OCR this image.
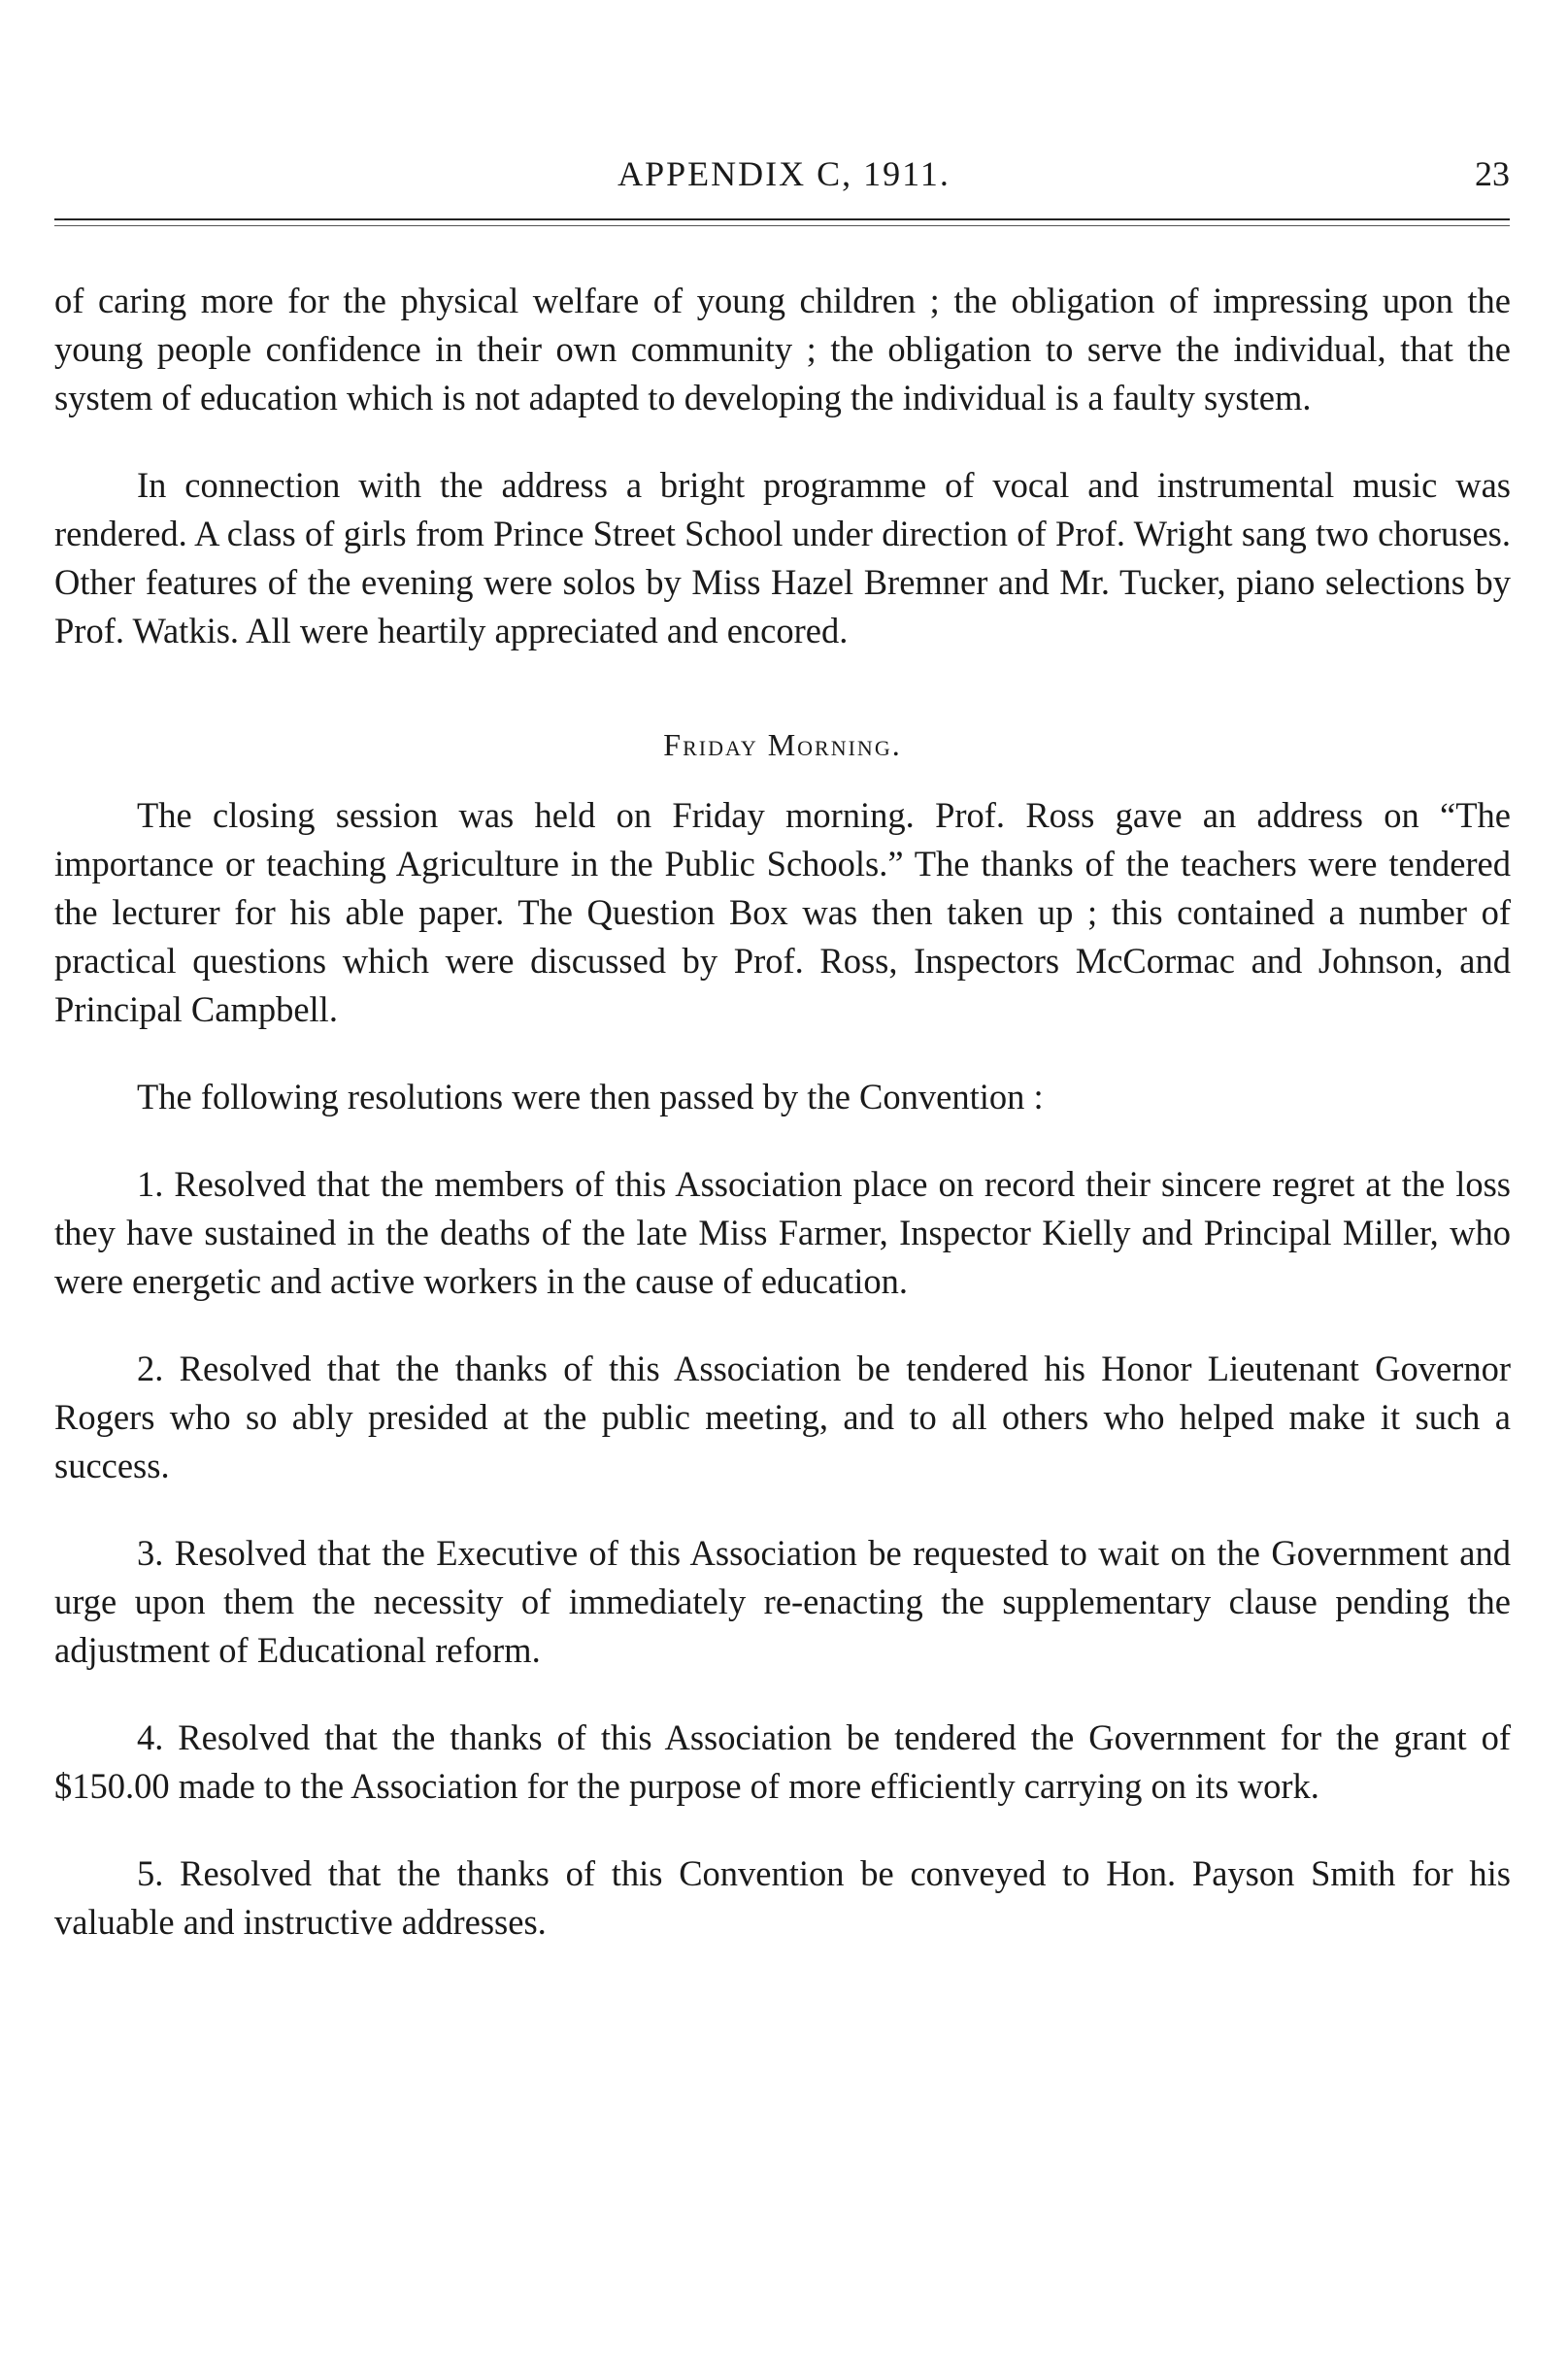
APPENDIX C, 1911.	23

of caring more for the physical welfare of young children ; the obligation of impressing upon the young people confidence in their own community ; the obligation to serve the individual, that the system of education which is not adapted to developing the individual is a faulty system.

In connection with the address a bright programme of vocal and instrumental music was rendered. A class of girls from Prince Street School under direction of Prof. Wright sang two choruses. Other features of the evening were solos by Miss Hazel Bremner and Mr. Tucker, piano selections by Prof. Watkis. All were heartily appreciated and encored.

Friday Morning.

The closing session was held on Friday morning. Prof. Ross gave an address on “The importance or teaching Agriculture in the Public Schools.” The thanks of the teachers were tendered the lecturer for his able paper. The Question Box was then taken up ; this contained a number of practical questions which were discussed by Prof. Ross, Inspectors McCormac and Johnson, and Principal Campbell.

The following resolutions were then passed by the Convention :

1. Resolved that the members of this Association place on record their sincere regret at the loss they have sustained in the deaths of the late Miss Farmer, Inspector Kielly and Principal Miller, who were energetic and active workers in the cause of education.

2. Resolved that the thanks of this Association be tendered his Honor Lieutenant Governor Rogers who so ably presided at the public meeting, and to all others who helped make it such a success.

3. Resolved that the Executive of this Association be requested to wait on the Government and urge upon them the necessity of immediately re-enacting the supplementary clause pending the adjustment of Educational reform.

4. Resolved that the thanks of this Association be tendered the Government for the grant of $150.00 made to the Association for the purpose of more efficiently carrying on its work.

5. Resolved that the thanks of this Convention be conveyed to Hon. Payson Smith for his valuable and instructive addresses.
